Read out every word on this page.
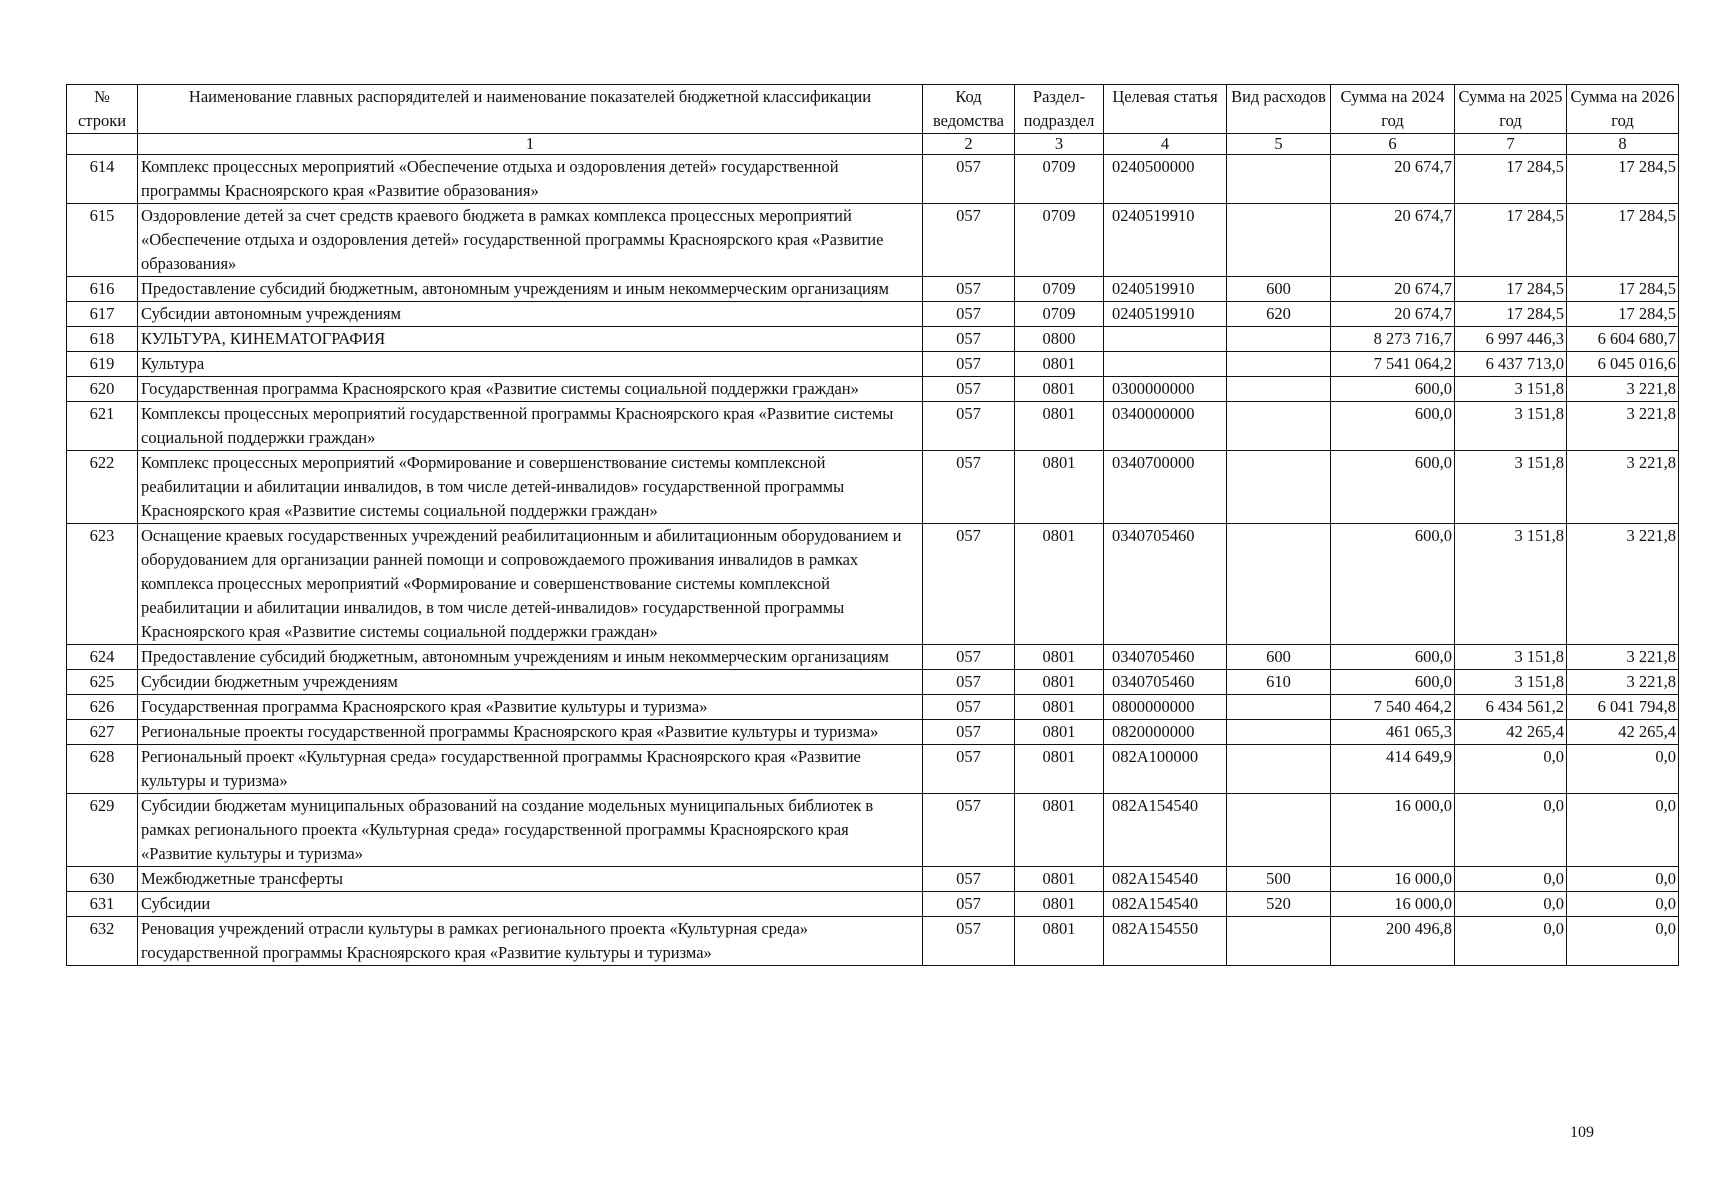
№ строки	Наименование главных распорядителей и наименование показателей бюджетной классификации	Код ведомства	Раздел-подраздел	Целевая статья	Вид расходов	Сумма на 2024 год	Сумма на 2025 год	Сумма на 2026 год
	1	2	3	4	5	6	7	8
614	Комплекс процессных мероприятий «Обеспечение отдыха и оздоровления детей» государственной программы Красноярского края «Развитие образования»	057	0709	0240500000		20 674,7	17 284,5	17 284,5
615	Оздоровление детей за счет средств краевого бюджета в рамках комплекса процессных мероприятий «Обеспечение отдыха и оздоровления детей» государственной программы Красноярского края «Развитие образования»	057	0709	0240519910		20 674,7	17 284,5	17 284,5
616	Предоставление субсидий бюджетным, автономным учреждениям и иным некоммерческим организациям	057	0709	0240519910	600	20 674,7	17 284,5	17 284,5
617	Субсидии автономным учреждениям	057	0709	0240519910	620	20 674,7	17 284,5	17 284,5
618	КУЛЬТУРА, КИНЕМАТОГРАФИЯ	057	0800			8 273 716,7	6 997 446,3	6 604 680,7
619	Культура	057	0801			7 541 064,2	6 437 713,0	6 045 016,6
620	Государственная программа Красноярского края «Развитие системы социальной поддержки граждан»	057	0801	0300000000		600,0	3 151,8	3 221,8
621	Комплексы процессных мероприятий государственной программы Красноярского края «Развитие системы социальной поддержки граждан»	057	0801	0340000000		600,0	3 151,8	3 221,8
622	Комплекс процессных мероприятий «Формирование и совершенствование системы комплексной реабилитации и абилитации инвалидов, в том числе детей-инвалидов» государственной программы Красноярского края «Развитие системы социальной поддержки граждан»	057	0801	0340700000		600,0	3 151,8	3 221,8
623	Оснащение краевых государственных учреждений реабилитационным и абилитационным оборудованием и оборудованием для организации ранней помощи и сопровождаемого проживания инвалидов в рамках комплекса процессных мероприятий «Формирование и совершенствование системы комплексной реабилитации и абилитации инвалидов, в том числе детей-инвалидов» государственной программы Красноярского края «Развитие системы социальной поддержки граждан»	057	0801	0340705460		600,0	3 151,8	3 221,8
624	Предоставление субсидий бюджетным, автономным учреждениям и иным некоммерческим организациям	057	0801	0340705460	600	600,0	3 151,8	3 221,8
625	Субсидии бюджетным учреждениям	057	0801	0340705460	610	600,0	3 151,8	3 221,8
626	Государственная программа Красноярского края «Развитие культуры и туризма»	057	0801	0800000000		7 540 464,2	6 434 561,2	6 041 794,8
627	Региональные проекты государственной программы Красноярского края «Развитие культуры и туризма»	057	0801	0820000000		461 065,3	42 265,4	42 265,4
628	Региональный проект «Культурная среда» государственной программы Красноярского края «Развитие культуры и туризма»	057	0801	082A100000		414 649,9	0,0	0,0
629	Субсидии бюджетам муниципальных образований на создание модельных муниципальных библиотек в рамках регионального проекта «Культурная среда» государственной программы Красноярского края «Развитие культуры и туризма»	057	0801	082A154540		16 000,0	0,0	0,0
630	Межбюджетные трансферты	057	0801	082A154540	500	16 000,0	0,0	0,0
631	Субсидии	057	0801	082A154540	520	16 000,0	0,0	0,0
632	Реновация учреждений отрасли культуры в рамках регионального проекта «Культурная среда» государственной программы Красноярского края «Развитие культуры и туризма»	057	0801	082A154550		200 496,8	0,0	0,0
109
